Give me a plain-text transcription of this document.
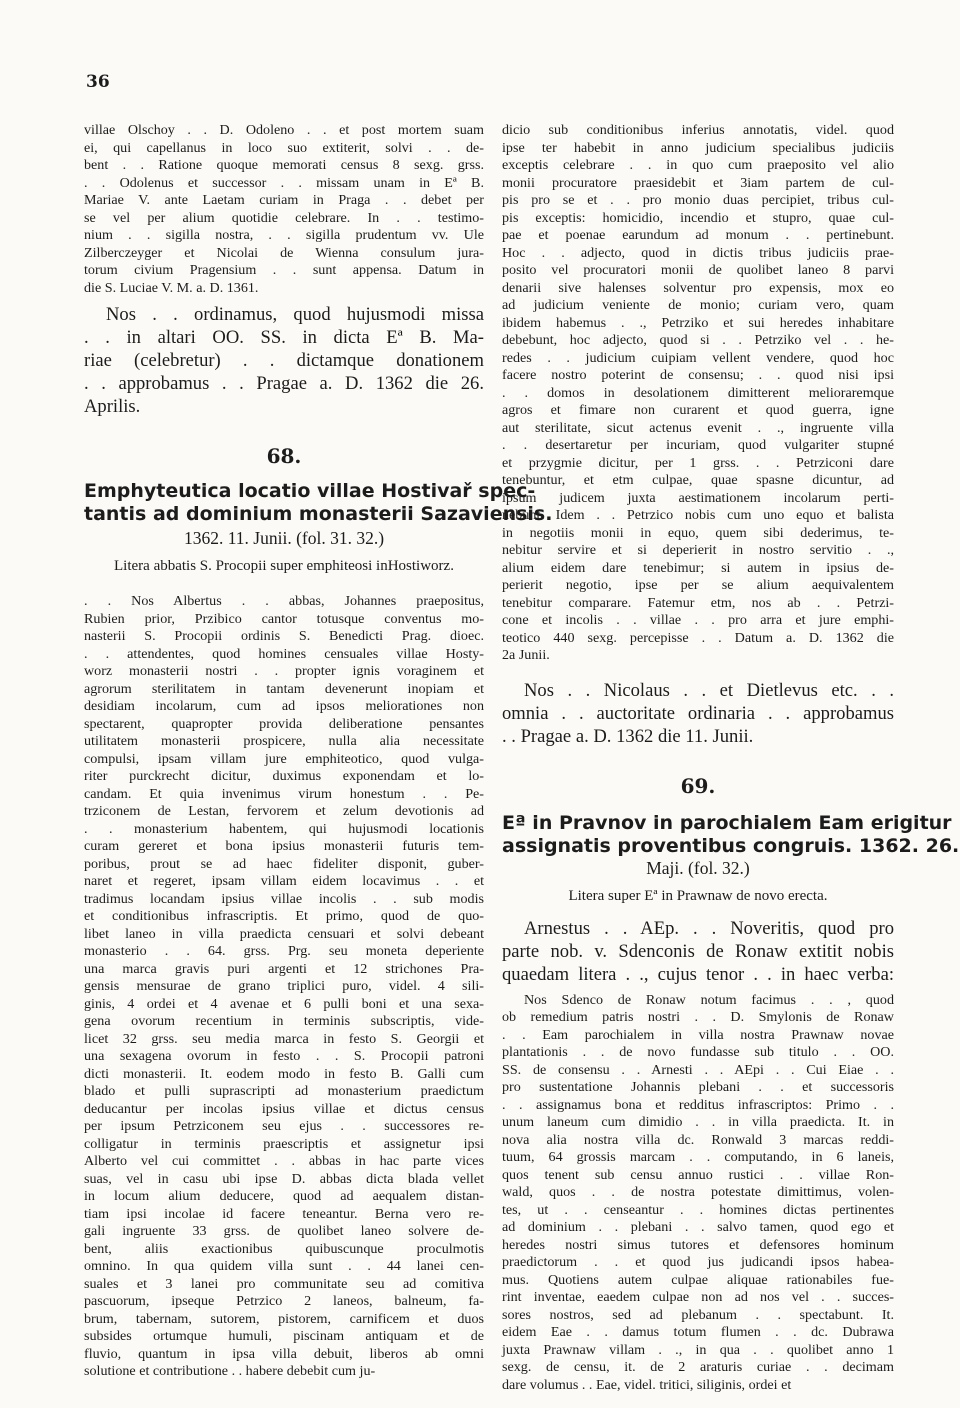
36
villae Olschoy . . D. Odoleno . . et post mortem suam
ei, qui capellanus in loco suo extiterit, solvi . . de-
bent . . Ratione quoque memorati census 8 sexg. grss.
. . Odolenus et successor . . missam unam in Eª B.
Mariae V. ante Laetam curiam in Praga . . debet per
se vel per alium quotidie celebrare. In . . testimo-
nium . . sigilla nostra, . . sigilla prudentum vv. Ule
Zilberczeyger et Nicolai de Wienna consulum jura-
torum civium Pragensium . . sunt appensa. Datum in
die S. Luciae V. M. a. D. 1361.
Nos . . ordinamus, quod hujusmodi missa
. . in altari OO. SS. in dicta Eª B. Ma-
riae (celebretur) . . dictamque donationem
. . approbamus . . Pragae a. D. 1362 die 26.
Aprilis.
68.
Emphyteutica locatio villae Hostivař spec-
tantis ad dominium monasterii Sazaviensis.
1362. 11. Junii. (fol. 31. 32.)
Litera abbatis S. Procopii super emphiteosi inHostiworz.
. . Nos Albertus . . abbas, Johannes praepositus,
Rubien prior, Przibico cantor totusque conventus mo-
nasterii S. Procopii ordinis S. Benedicti Prag. dioec.
. . attendentes, quod homines censuales villae Hosty-
worz monasterii nostri . . propter ignis voraginem et
agrorum sterilitatem in tantam devenerunt inopiam et
desidiam incolarum, cum ad ipsos meliorationes non
spectarent, quapropter provida deliberatione pensantes
utilitatem monasterii prospicere, nulla alia necessitate
compulsi, ipsam villam jure emphiteotico, quod vulga-
riter purckrecht dicitur, duximus exponendam et lo-
candam. Et quia invenimus virum honestum . . Pe-
trziconem de Lestan, fervorem et zelum devotionis ad
. . monasterium habentem, qui hujusmodi locationis
curam gereret et bona ipsius monasterii futuris tem-
poribus, prout se ad haec fideliter disponit, guber-
naret et regeret, ipsam villam eidem locavimus . . et
tradimus locandam ipsius villae incolis . . sub modis
et conditionibus infrascriptis. Et primo, quod de quo-
libet laneo in villa praedicta censuari et solvi debeant
monasterio . . 64. grss. Prg. seu moneta deperiente
una marca gravis puri argenti et 12 strichones Pra-
gensis mensurae de grano triplici puro, videl. 4 sili-
ginis, 4 ordei et 4 avenae et 6 pulli boni et una sexa-
gena ovorum recentium in terminis subscriptis, vide-
licet 32 grss. seu media marca in festo S. Georgii et
una sexagena ovorum in festo . . S. Procopii patroni
dicti monasterii. It. eodem modo in festo B. Galli cum
blado et pulli suprascripti ad monasterium praedictum
deducantur per incolas ipsius villae et dictus census
per ipsum Petrziconem seu ejus . . successores re-
colligatur in terminis praescriptis et assignetur ipsi
Alberto vel cui committet . . abbas in hac parte vices
suas, vel in casu ubi ipse D. abbas dicta blada vellet
in locum alium deducere, quod ad aequalem distan-
tiam ipsi incolae id facere teneantur. Berna vero re-
gali ingruente 33 grss. de quolibet laneo solvere de-
bent, aliis exactionibus quibuscunque proculmotis
omnino. In qua quidem villa sunt . . 44 lanei cen-
suales et 3 lanei pro communitate seu ad comitiva
pascuorum, ipseque Petrzico 2 laneos, balneum, fa-
brum, tabernam, sutorem, pistorem, carnificem et duos
subsides ortumque humuli, piscinam antiquam et de
fluvio, quantum in ipsa villa debuit, liberos ab omni
solutione et contributione . . habere debebit cum ju-
dicio sub conditionibus inferius annotatis, videl. quod
ipse ter habebit in anno judicium specialibus judiciis
exceptis celebrare . . in quo cum praeposito vel alio
monii procuratore praesidebit et 3iam partem de cul-
pis pro se et . . pro monio duas percipiet, tribus cul-
pis exceptis: homicidio, incendio et stupro, quae cul-
pae et poenae earundum ad monum . . pertinebunt.
Hoc . . adjecto, quod in dictis tribus judiciis prae-
posito vel procuratori monii de quolibet laneo 8 parvi
denarii sive halenses solventur pro expensis, mox eo
ad judicium veniente de monio; curiam vero, quam
ibidem habemus . ., Petrziko et sui heredes inhabitare
debebunt, hoc adjecto, quod si . . Petrziko vel . . he-
redes . . judicium cuipiam vellent vendere, quod hoc
facere nostro poterint de consensu; . . quod nisi ipsi
. . domos in desolationem dimitterent melioraremque
agros et fimare non curarent et quod guerra, igne
aut sterilitate, sicut actenus evenit . ., ingruente villa
. . desertaretur per incuriam, quod vulgariter stupné
et przygmie dicitur, per 1 grss. . . Petrziconi dare
tenebuntur, et etm culpae, quae spasne dicuntur, ad
ipsum judicem juxta aestimationem incolarum perti-
nebunt. Idem . . Petrzico nobis cum uno equo et balista
in negotiis monii in equo, quem sibi dederimus, te-
nebitur servire et si deperierit in nostro servitio . .,
alium eidem dare tenebimur; si autem in ipsius de-
perierit negotio, ipse per se alium aequivalentem
tenebitur comparare. Fatemur etm, nos ab . . Petrzi-
cone et incolis . . villae . . pro arra et jure emphi-
teotico 440 sexg. percepisse . . Datum a. D. 1362 die
2a Junii.
Nos . . Nicolaus . . et Dietlevus etc. . .
omnia . . auctoritate ordinaria . . approbamus
. . Pragae a. D. 1362 die 11. Junii.
69.
Eª in Pravnov in parochialem Eam erigitur
assignatis proventibus congruis. 1362. 26.
Maji. (fol. 32.)
Litera super Eª in Prawnaw de novo erecta.
Arnestus . . AEp. . . Noveritis, quod pro
parte nob. v. Sdenconis de Ronaw extitit nobis
quaedam litera . ., cujus tenor . . in haec verba:
Nos Sdenco de Ronaw notum facimus . . , quod
ob remedium patris nostri . . D. Smylonis de Ronaw
. . Eam parochialem in villa nostra Prawnaw novae
plantationis . . de novo fundasse sub titulo . . OO.
SS. de consensu . . Arnesti . . AEpi . . Cui Eiae . .
pro sustentatione Johannis plebani . . et successoris
. . assignamus bona et redditus infrascriptos: Primo . .
unum laneum cum dimidio . . in villa praedicta. It. in
nova alia nostra villa dc. Ronwald 3 marcas reddi-
tuum, 64 grossis marcam . . computando, in 6 laneis,
quos tenent sub censu annuo rustici . . villae Ron-
wald, quos . . de nostra potestate dimittimus, volen-
tes, ut . . censeantur . . homines dictas pertinentes
ad dominium . . plebani . . salvo tamen, quod ego et
heredes nostri simus tutores et defensores hominum
praedictorum . . et quod jus judicandi ipsos habea-
mus. Quotiens autem culpae aliquae rationabiles fue-
rint inventae, eaedem culpae non ad nos vel . . succes-
sores nostros, sed ad plebanum . . spectabunt. It.
eidem Eae . . damus totum flumen . . dc. Dubrawa
juxta Prawnaw villam . ., in qua . . quolibet anno 1
sexg. de censu, it. de 2 araturis curiae . . decimam
dare volumus . . Eae, videl. tritici, siliginis, ordei et
